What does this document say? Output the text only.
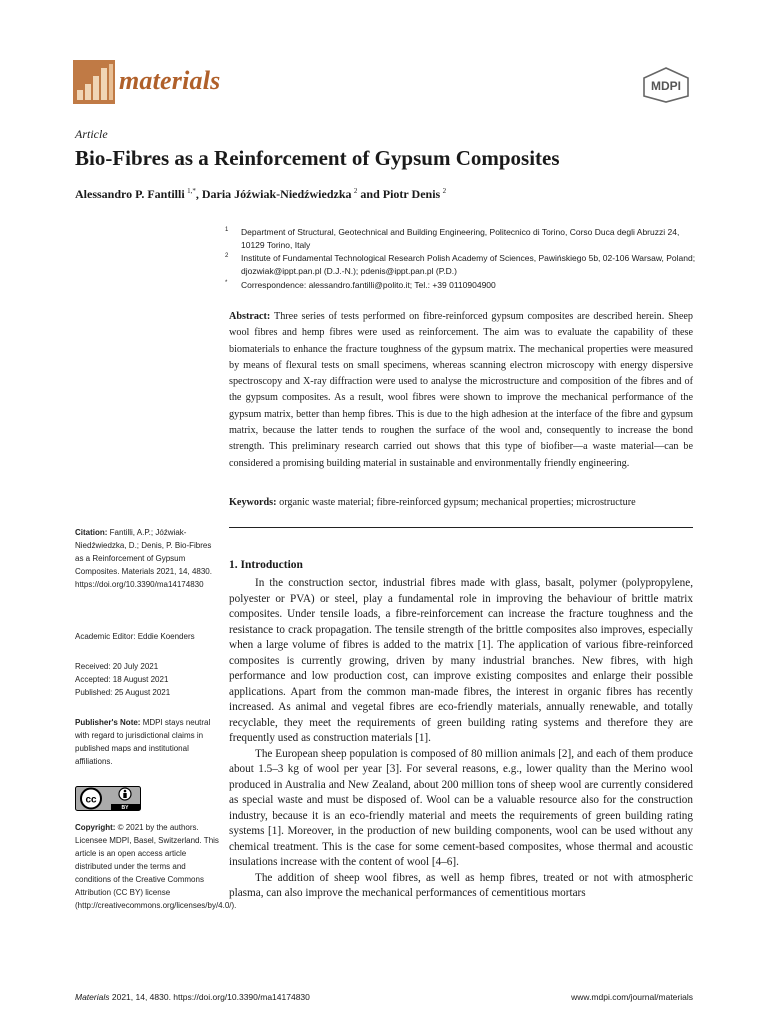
materials	MDPI
Article
Bio-Fibres as a Reinforcement of Gypsum Composites
Alessandro P. Fantilli  $^{1,*}$, Daria Jóźwiak-Niedźwiedzka  $^2$ and Piotr Denis  $^2$
1 Department of Structural, Geotechnical and Building Engineering, Politecnico di Torino, Corso Duca degli Abruzzi 24, 10129 Torino, Italy
2 Institute of Fundamental Technological Research Polish Academy of Sciences, Pawińskiego 5b, 02-106 Warsaw, Poland; djozwiak@ippt.pan.pl (D.J.-N.); pdenis@ippt.pan.pl (P.D.)
* Correspondence: alessandro.fantilli@polito.it; Tel.: +39 0110904900
Abstract: Three series of tests performed on fibre-reinforced gypsum composites are described herein. Sheep wool fibres and hemp fibres were used as reinforcement. The aim was to evaluate the capability of these biomaterials to enhance the fracture toughness of the gypsum matrix. The mechanical properties were measured by means of flexural tests on small specimens, whereas scanning electron microscopy with energy dispersive spectroscopy and X-ray diffraction were used to analyse the microstructure and composition of the fibres and of the gypsum composites. As a result, wool fibres were shown to improve the mechanical performance of the gypsum matrix, better than hemp fibres. This is due to the high adhesion at the interface of the fibre and gypsum matrix, because the latter tends to roughen the surface of the wool and, consequently to increase the bond strength. This preliminary research carried out shows that this type of biofiber—a waste material—can be considered a promising building material in sustainable and environmentally friendly engineering.
Keywords: organic waste material; fibre-reinforced gypsum; mechanical properties; microstructure
Citation: Fantilli, A.P.; Jóźwiak-Niedźwiedzka, D.; Denis, P. Bio-Fibres as a Reinforcement of Gypsum Composites. Materials 2021, 14, 4830. https://doi.org/10.3390/ma14174830
Academic Editor: Eddie Koenders
Received: 20 July 2021
Accepted: 18 August 2021
Published: 25 August 2021
Publisher's Note: MDPI stays neutral with regard to jurisdictional claims in published maps and institutional affiliations.
cc
BY
Copyright: © 2021 by the authors. Licensee MDPI, Basel, Switzerland. This article is an open access article distributed under the terms and conditions of the Creative Commons Attribution (CC BY) license (http://creativecommons.org/licenses/by/4.0/).
1. Introduction

In the construction sector, industrial fibres made with glass, basalt, polymer (polypropylene, polyester or PVA) or steel, play a fundamental role in improving the behaviour of brittle matrix composites. Under tensile loads, a fibre-reinforcement can increase the fracture toughness and the resistance to crack propagation. The tensile strength of the brittle composites also improves, especially when a large volume of fibres is added to the matrix [1]. The application of various fibre-reinforced composites is currently growing, driven by many industrial branches. New fibres, with high performance and low production cost, can improve existing composites and enlarge their possible applications. Apart from the common man-made fibres, the interest in organic fibres has recently increased. As animal and vegetal fibres are eco-friendly materials, annually renewable, and totally recyclable, they meet the requirements of green building rating systems and therefore they are frequently used as construction materials [1].

The European sheep population is composed of 80 million animals [2], and each of them produce about 1.5–3 kg of wool per year [3]. For several reasons, e.g., lower quality than the Merino wool produced in Australia and New Zealand, about 200 million tons of sheep wool are currently considered as special waste and must be disposed of. Wool can be a valuable resource also for the construction industry, because it is an eco-friendly material and meets the requirements of green building rating systems [1]. Moreover, in the production of new building components, wool can be used without any chemical treatment. This is the case for some cement-based composites, whose thermal and acoustic insulations increase with the content of wool [4–6].

The addition of sheep wool fibres, as well as hemp fibres, treated or not with atmospheric plasma, can also improve the mechanical performances of cementitious mortars

Materials 2021, 14, 4830. https://doi.org/10.3390/ma14174830	www.mdpi.com/journal/materials
